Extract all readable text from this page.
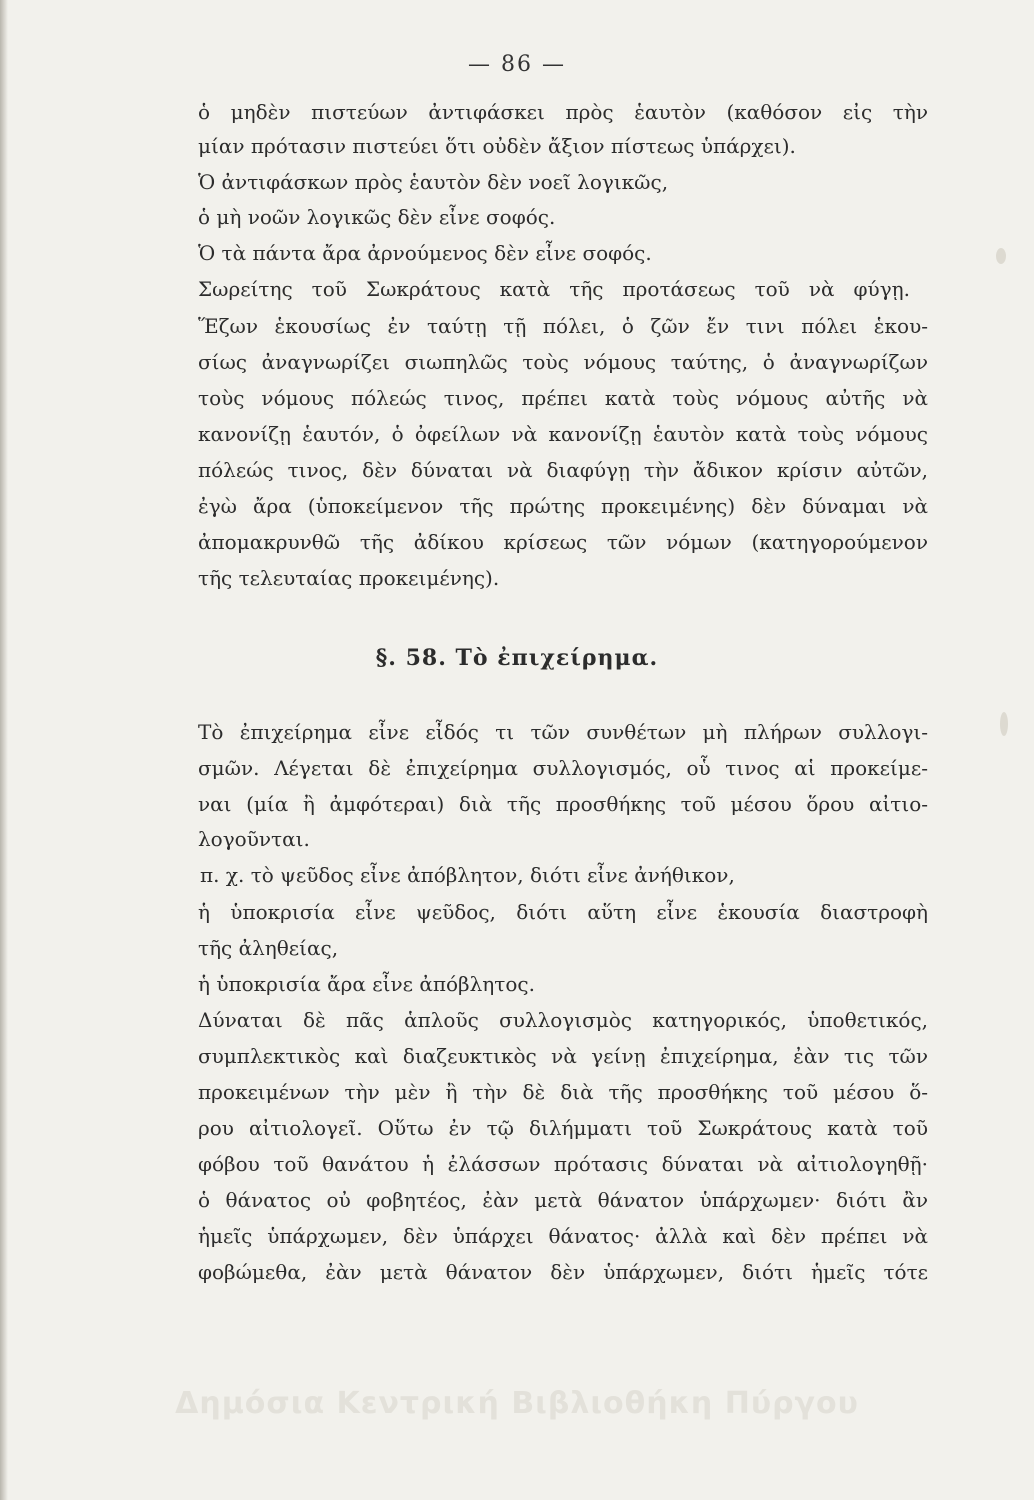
— 86 —
ὁ μηδὲν πιστεύων ἀντιφάσκει πρὸς ἑαυτὸν (καθόσον εἰς τὴν
μίαν πρότασιν πιστεύει ὅτι οὐδὲν ἄξιον πίστεως ὑπάρχει).
Ὁ ἀντιφάσκων πρὸς ἑαυτὸν δὲν νοεῖ λογικῶς,
ὁ μὴ νοῶν λογικῶς δὲν εἶνε σοφός.
Ὁ τὰ πάντα ἄρα ἀρνούμενος δὲν εἶνε σοφός.
Σωρείτης τοῦ Σωκράτους κατὰ τῆς προτάσεως τοῦ νὰ φύγῃ.
Ἕζων ἑκουσίως ἐν ταύτῃ τῇ πόλει, ὁ ζῶν ἔν τινι πόλει ἑκου-
σίως ἀναγνωρίζει σιωπηλῶς τοὺς νόμους ταύτης, ὁ ἀναγνωρίζων
τοὺς νόμους πόλεώς τινος, πρέπει κατὰ τοὺς νόμους αὐτῆς νὰ
κανονίζῃ ἑαυτόν, ὁ ὀφείλων νὰ κανονίζῃ ἑαυτὸν κατὰ τοὺς νόμους
πόλεώς τινος, δὲν δύναται νὰ διαφύγῃ τὴν ἄδικον κρίσιν αὐτῶν,
ἐγὼ ἄρα (ὑποκείμενον τῆς πρώτης προκειμένης) δὲν δύναμαι νὰ
ἀπομακρυνθῶ τῆς ἀδίκου κρίσεως τῶν νόμων (κατηγορούμενον
τῆς τελευταίας προκειμένης).
§. 58. Τὸ ἐπιχείρημα.
Τὸ ἐπιχείρημα εἶνε εἶδός τι τῶν συνθέτων μὴ πλήρων συλλογι-
σμῶν. Λέγεται δὲ ἐπιχείρημα συλλογισμός, οὗ τινος αἱ προκείμε-
ναι (μία ἢ ἀμφότεραι) διὰ τῆς προσθήκης τοῦ μέσου ὅρου αἰτιο-
λογοῦνται.
π. χ. τὸ ψεῦδος εἶνε ἀπόβλητον, διότι εἶνε ἀνήθικον,
ἡ ὑποκρισία εἶνε ψεῦδος, διότι αὕτη εἶνε ἑκουσία διαστροφὴ
τῆς ἀληθείας,
ἡ ὑποκρισία ἄρα εἶνε ἀπόβλητος.
Δύναται δὲ πᾶς ἁπλοῦς συλλογισμὸς κατηγορικός, ὑποθετικός,
συμπλεκτικὸς καὶ διαζευκτικὸς νὰ γείνῃ ἐπιχείρημα, ἐὰν τις τῶν
προκειμένων τὴν μὲν ἢ τὴν δὲ διὰ τῆς προσθήκης τοῦ μέσου ὅ-
ρου αἰτιολογεῖ. Οὕτω ἐν τῷ διλήμματι τοῦ Σωκράτους κατὰ τοῦ
φόβου τοῦ θανάτου ἡ ἐλάσσων πρότασις δύναται νὰ αἰτιολογηθῇ·
ὁ θάνατος οὐ φοβητέος, ἐὰν μετὰ θάνατον ὑπάρχωμεν· διότι ἂν
ἡμεῖς ὑπάρχωμεν, δὲν ὑπάρχει θάνατος· ἀλλὰ καὶ δὲν πρέπει νὰ
φοβώμεθα, ἐὰν μετὰ θάνατον δὲν ὑπάρχωμεν, διότι ἡμεῖς τότε
Δημόσια Κεντρική Βιβλιοθήκη Πύργου
